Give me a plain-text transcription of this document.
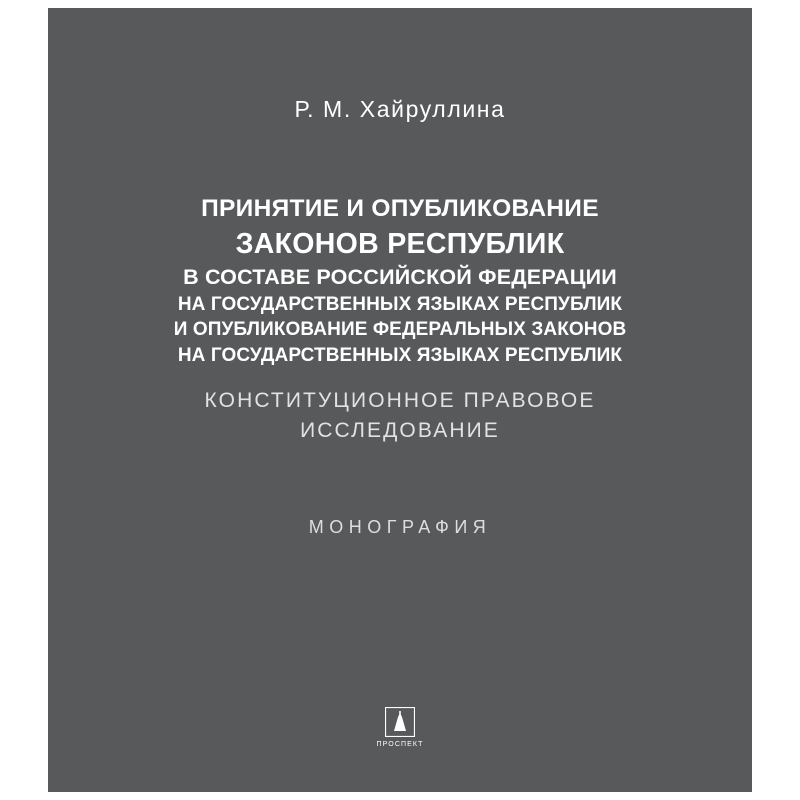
Р. М. Хайруллина
ПРИНЯТИЕ И ОПУБЛИКОВАНИЕ
ЗАКОНОВ РЕСПУБЛИК
В СОСТАВЕ РОССИЙСКОЙ ФЕДЕРАЦИИ
НА ГОСУДАРСТВЕННЫХ ЯЗЫКАХ РЕСПУБЛИК
И ОПУБЛИКОВАНИЕ ФЕДЕРАЛЬНЫХ ЗАКОНОВ
НА ГОСУДАРСТВЕННЫХ ЯЗЫКАХ РЕСПУБЛИК
КОНСТИТУЦИОННОЕ ПРАВОВОЕ
ИССЛЕДОВАНИЕ
МОНОГРАФИЯ
ПРОСПЕКТ
